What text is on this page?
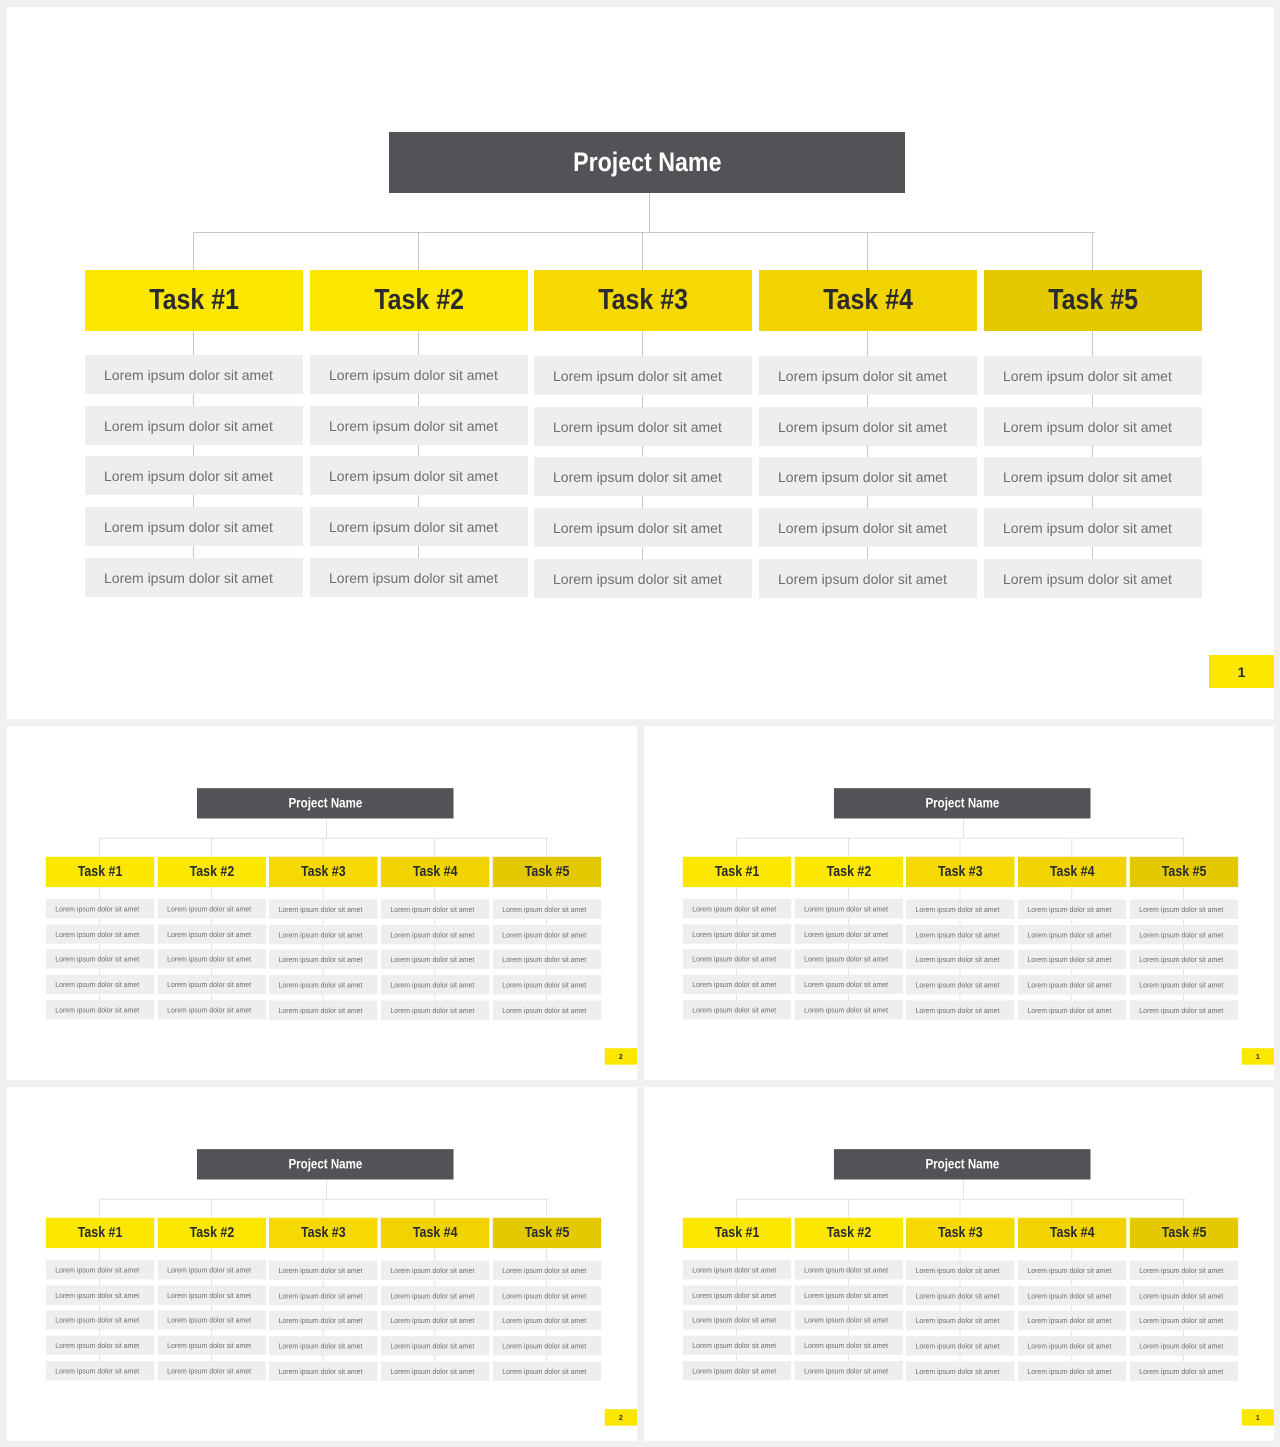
Project Name
Task #1
Lorem ipsum dolor sit amet
Lorem ipsum dolor sit amet
Lorem ipsum dolor sit amet
Lorem ipsum dolor sit amet
Lorem ipsum dolor sit amet
Task #2
Lorem ipsum dolor sit amet
Lorem ipsum dolor sit amet
Lorem ipsum dolor sit amet
Lorem ipsum dolor sit amet
Lorem ipsum dolor sit amet
Task #3
Lorem ipsum dolor sit amet
Lorem ipsum dolor sit amet
Lorem ipsum dolor sit amet
Lorem ipsum dolor sit amet
Lorem ipsum dolor sit amet
Task #4
Lorem ipsum dolor sit amet
Lorem ipsum dolor sit amet
Lorem ipsum dolor sit amet
Lorem ipsum dolor sit amet
Lorem ipsum dolor sit amet
Task #5
Lorem ipsum dolor sit amet
Lorem ipsum dolor sit amet
Lorem ipsum dolor sit amet
Lorem ipsum dolor sit amet
Lorem ipsum dolor sit amet
1
Project Name
Task #1
Lorem ipsum dolor sit amet
Lorem ipsum dolor sit amet
Lorem ipsum dolor sit amet
Lorem ipsum dolor sit amet
Lorem ipsum dolor sit amet
Task #2
Lorem ipsum dolor sit amet
Lorem ipsum dolor sit amet
Lorem ipsum dolor sit amet
Lorem ipsum dolor sit amet
Lorem ipsum dolor sit amet
Task #3
Lorem ipsum dolor sit amet
Lorem ipsum dolor sit amet
Lorem ipsum dolor sit amet
Lorem ipsum dolor sit amet
Lorem ipsum dolor sit amet
Task #4
Lorem ipsum dolor sit amet
Lorem ipsum dolor sit amet
Lorem ipsum dolor sit amet
Lorem ipsum dolor sit amet
Lorem ipsum dolor sit amet
Task #5
Lorem ipsum dolor sit amet
Lorem ipsum dolor sit amet
Lorem ipsum dolor sit amet
Lorem ipsum dolor sit amet
Lorem ipsum dolor sit amet
2
Project Name
Task #1
Lorem ipsum dolor sit amet
Lorem ipsum dolor sit amet
Lorem ipsum dolor sit amet
Lorem ipsum dolor sit amet
Lorem ipsum dolor sit amet
Task #2
Lorem ipsum dolor sit amet
Lorem ipsum dolor sit amet
Lorem ipsum dolor sit amet
Lorem ipsum dolor sit amet
Lorem ipsum dolor sit amet
Task #3
Lorem ipsum dolor sit amet
Lorem ipsum dolor sit amet
Lorem ipsum dolor sit amet
Lorem ipsum dolor sit amet
Lorem ipsum dolor sit amet
Task #4
Lorem ipsum dolor sit amet
Lorem ipsum dolor sit amet
Lorem ipsum dolor sit amet
Lorem ipsum dolor sit amet
Lorem ipsum dolor sit amet
Task #5
Lorem ipsum dolor sit amet
Lorem ipsum dolor sit amet
Lorem ipsum dolor sit amet
Lorem ipsum dolor sit amet
Lorem ipsum dolor sit amet
1
Project Name
Task #1
Lorem ipsum dolor sit amet
Lorem ipsum dolor sit amet
Lorem ipsum dolor sit amet
Lorem ipsum dolor sit amet
Lorem ipsum dolor sit amet
Task #2
Lorem ipsum dolor sit amet
Lorem ipsum dolor sit amet
Lorem ipsum dolor sit amet
Lorem ipsum dolor sit amet
Lorem ipsum dolor sit amet
Task #3
Lorem ipsum dolor sit amet
Lorem ipsum dolor sit amet
Lorem ipsum dolor sit amet
Lorem ipsum dolor sit amet
Lorem ipsum dolor sit amet
Task #4
Lorem ipsum dolor sit amet
Lorem ipsum dolor sit amet
Lorem ipsum dolor sit amet
Lorem ipsum dolor sit amet
Lorem ipsum dolor sit amet
Task #5
Lorem ipsum dolor sit amet
Lorem ipsum dolor sit amet
Lorem ipsum dolor sit amet
Lorem ipsum dolor sit amet
Lorem ipsum dolor sit amet
2
Project Name
Task #1
Lorem ipsum dolor sit amet
Lorem ipsum dolor sit amet
Lorem ipsum dolor sit amet
Lorem ipsum dolor sit amet
Lorem ipsum dolor sit amet
Task #2
Lorem ipsum dolor sit amet
Lorem ipsum dolor sit amet
Lorem ipsum dolor sit amet
Lorem ipsum dolor sit amet
Lorem ipsum dolor sit amet
Task #3
Lorem ipsum dolor sit amet
Lorem ipsum dolor sit amet
Lorem ipsum dolor sit amet
Lorem ipsum dolor sit amet
Lorem ipsum dolor sit amet
Task #4
Lorem ipsum dolor sit amet
Lorem ipsum dolor sit amet
Lorem ipsum dolor sit amet
Lorem ipsum dolor sit amet
Lorem ipsum dolor sit amet
Task #5
Lorem ipsum dolor sit amet
Lorem ipsum dolor sit amet
Lorem ipsum dolor sit amet
Lorem ipsum dolor sit amet
Lorem ipsum dolor sit amet
1
